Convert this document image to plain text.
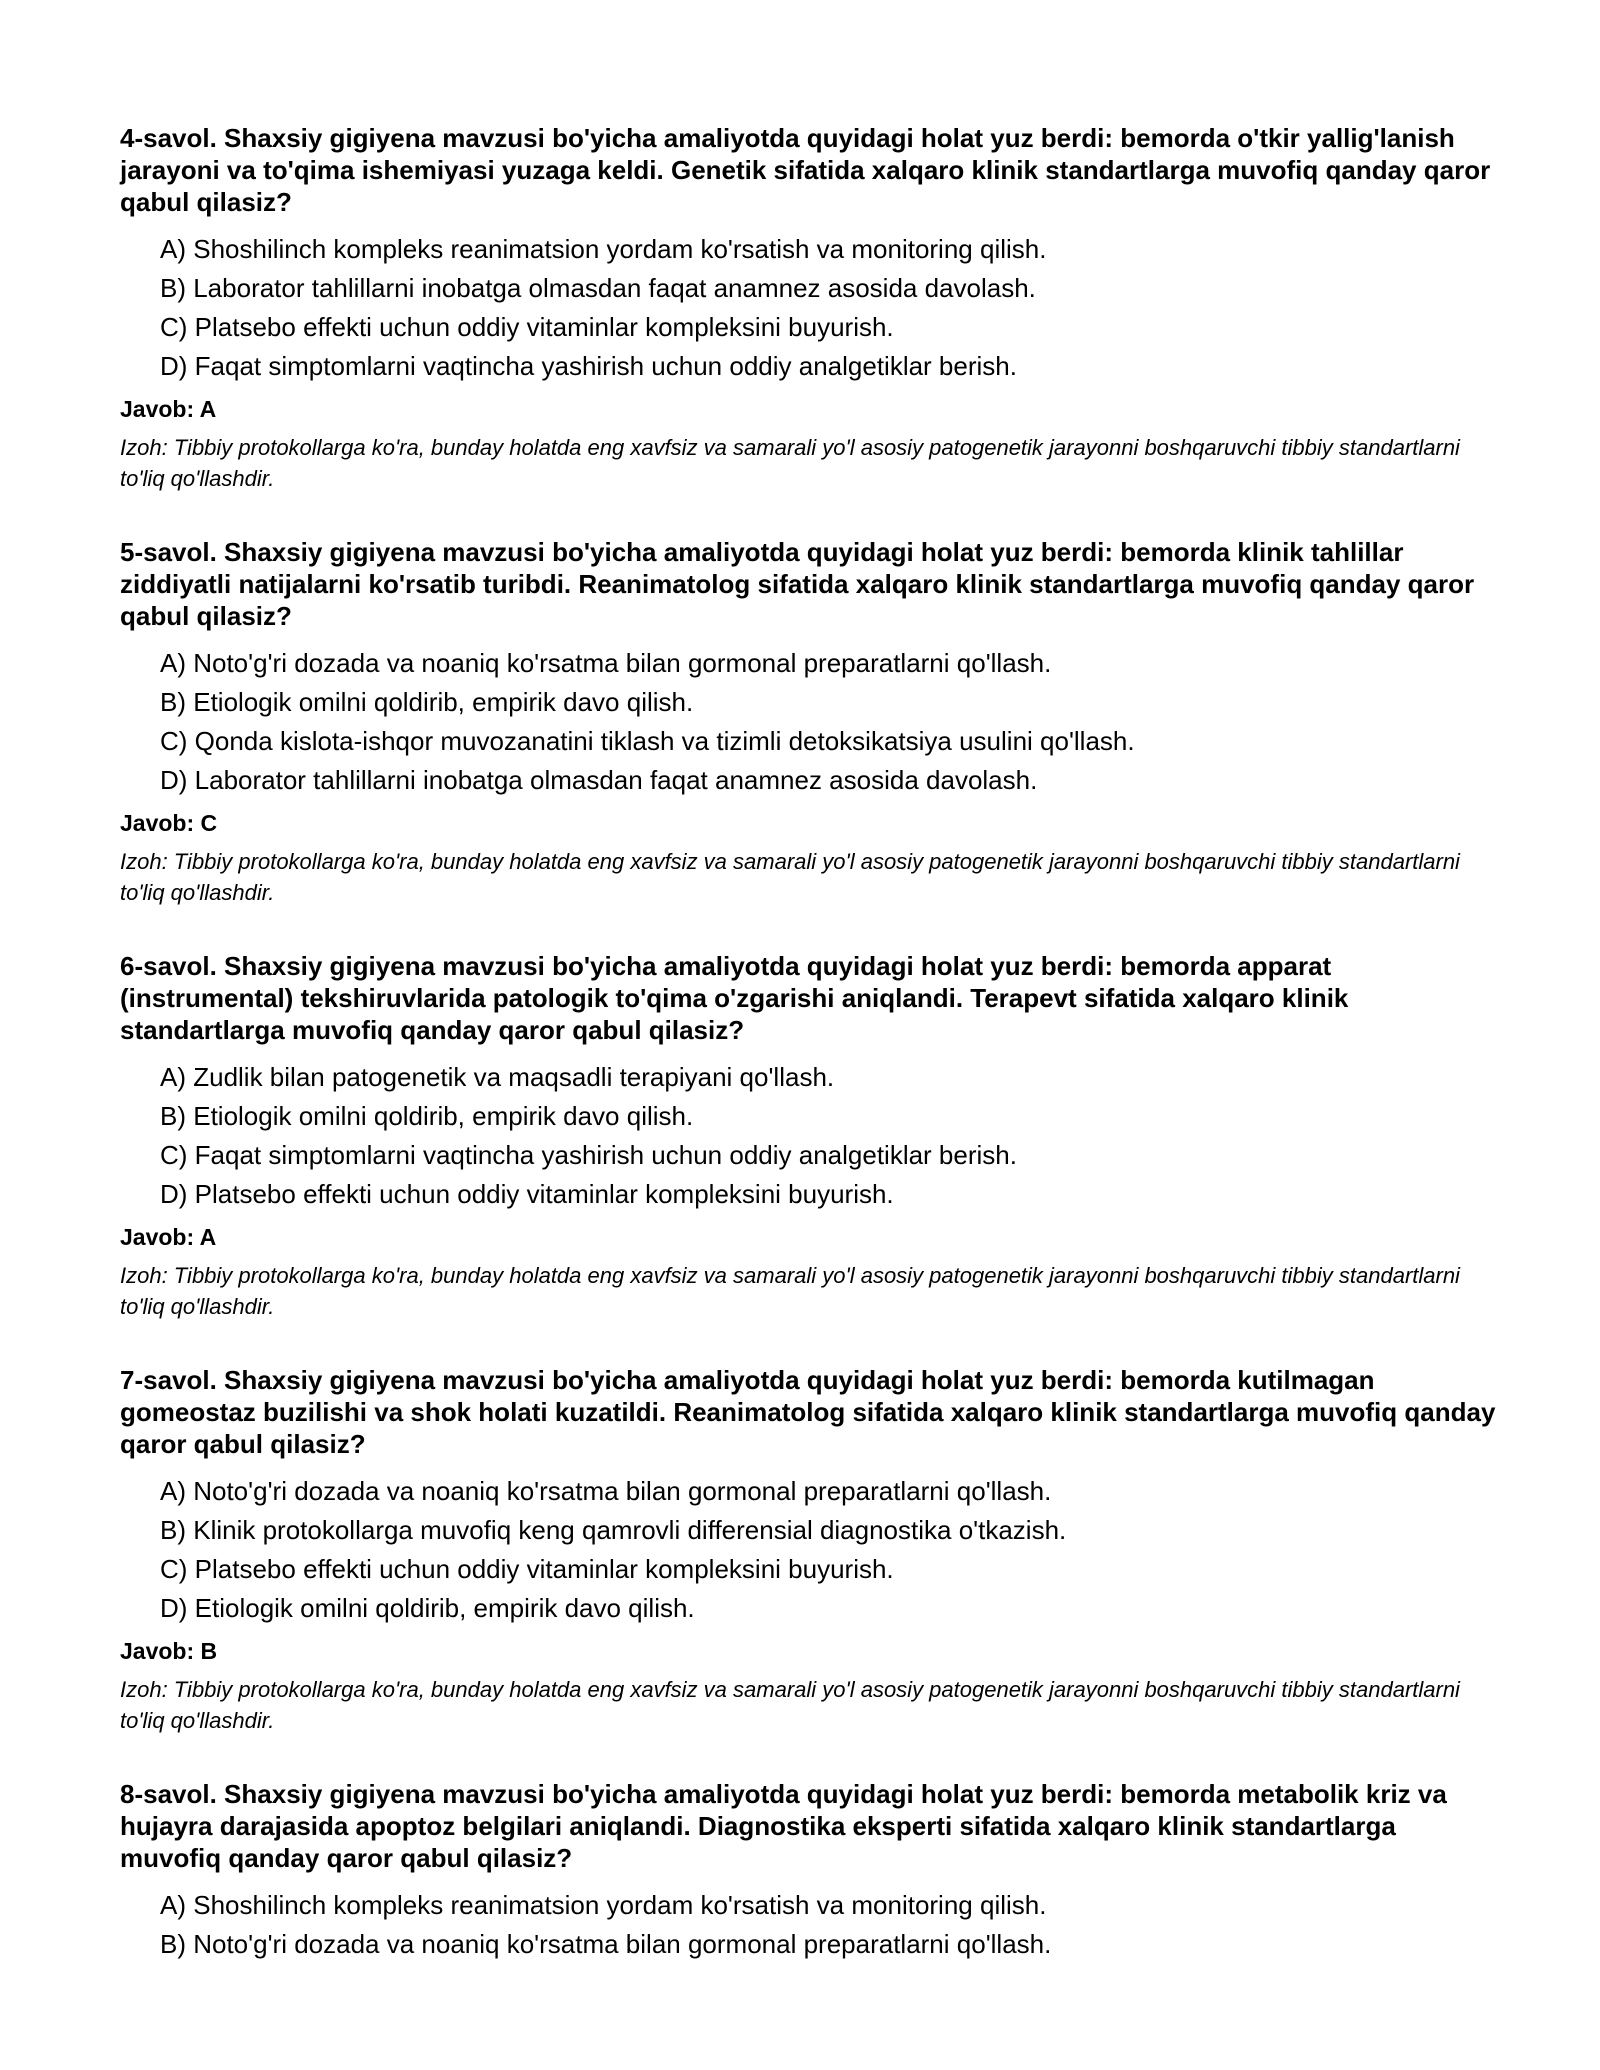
4-savol. Shaxsiy gigiyena mavzusi bo'yicha amaliyotda quyidagi holat yuz berdi: bemorda o'tkir yallig'lanish jarayoni va to'qima ishemiyasi yuzaga keldi. Genetik sifatida xalqaro klinik standartlarga muvofiq qanday qaror qabul qilasiz?

A) Shoshilinch kompleks reanimatsion yordam ko'rsatish va monitoring qilish.
B) Laborator tahlillarni inobatga olmasdan faqat anamnez asosida davolash.
C) Platsebo effekti uchun oddiy vitaminlar kompleksini buyurish.
D) Faqat simptomlarni vaqtincha yashirish uchun oddiy analgetiklar berish.

Javob: A

Izoh: Tibbiy protokollarga ko'ra, bunday holatda eng xavfsiz va samarali yo'l asosiy patogenetik jarayonni boshqaruvchi tibbiy standartlarni to'liq qo'llashdir.

5-savol. Shaxsiy gigiyena mavzusi bo'yicha amaliyotda quyidagi holat yuz berdi: bemorda klinik tahlillar ziddiyatli natijalarni ko'rsatib turibdi. Reanimatolog sifatida xalqaro klinik standartlarga muvofiq qanday qaror qabul qilasiz?

A) Noto'g'ri dozada va noaniq ko'rsatma bilan gormonal preparatlarni qo'llash.
B) Etiologik omilni qoldirib, empirik davo qilish.
C) Qonda kislota-ishqor muvozanatini tiklash va tizimli detoksikatsiya usulini qo'llash.
D) Laborator tahlillarni inobatga olmasdan faqat anamnez asosida davolash.

Javob: C

Izoh: Tibbiy protokollarga ko'ra, bunday holatda eng xavfsiz va samarali yo'l asosiy patogenetik jarayonni boshqaruvchi tibbiy standartlarni to'liq qo'llashdir.

6-savol. Shaxsiy gigiyena mavzusi bo'yicha amaliyotda quyidagi holat yuz berdi: bemorda apparat (instrumental) tekshiruvlarida patologik to'qima o'zgarishi aniqlandi. Terapevt sifatida xalqaro klinik standartlarga muvofiq qanday qaror qabul qilasiz?

A) Zudlik bilan patogenetik va maqsadli terapiyani qo'llash.
B) Etiologik omilni qoldirib, empirik davo qilish.
C) Faqat simptomlarni vaqtincha yashirish uchun oddiy analgetiklar berish.
D) Platsebo effekti uchun oddiy vitaminlar kompleksini buyurish.

Javob: A

Izoh: Tibbiy protokollarga ko'ra, bunday holatda eng xavfsiz va samarali yo'l asosiy patogenetik jarayonni boshqaruvchi tibbiy standartlarni to'liq qo'llashdir.

7-savol. Shaxsiy gigiyena mavzusi bo'yicha amaliyotda quyidagi holat yuz berdi: bemorda kutilmagan gomeostaz buzilishi va shok holati kuzatildi. Reanimatolog sifatida xalqaro klinik standartlarga muvofiq qanday qaror qabul qilasiz?

A) Noto'g'ri dozada va noaniq ko'rsatma bilan gormonal preparatlarni qo'llash.
B) Klinik protokollarga muvofiq keng qamrovli differensial diagnostika o'tkazish.
C) Platsebo effekti uchun oddiy vitaminlar kompleksini buyurish.
D) Etiologik omilni qoldirib, empirik davo qilish.

Javob: B

Izoh: Tibbiy protokollarga ko'ra, bunday holatda eng xavfsiz va samarali yo'l asosiy patogenetik jarayonni boshqaruvchi tibbiy standartlarni to'liq qo'llashdir.

8-savol. Shaxsiy gigiyena mavzusi bo'yicha amaliyotda quyidagi holat yuz berdi: bemorda metabolik kriz va hujayra darajasida apoptoz belgilari aniqlandi. Diagnostika eksperti sifatida xalqaro klinik standartlarga muvofiq qanday qaror qabul qilasiz?

A) Shoshilinch kompleks reanimatsion yordam ko'rsatish va monitoring qilish.
B) Noto'g'ri dozada va noaniq ko'rsatma bilan gormonal preparatlarni qo'llash.
